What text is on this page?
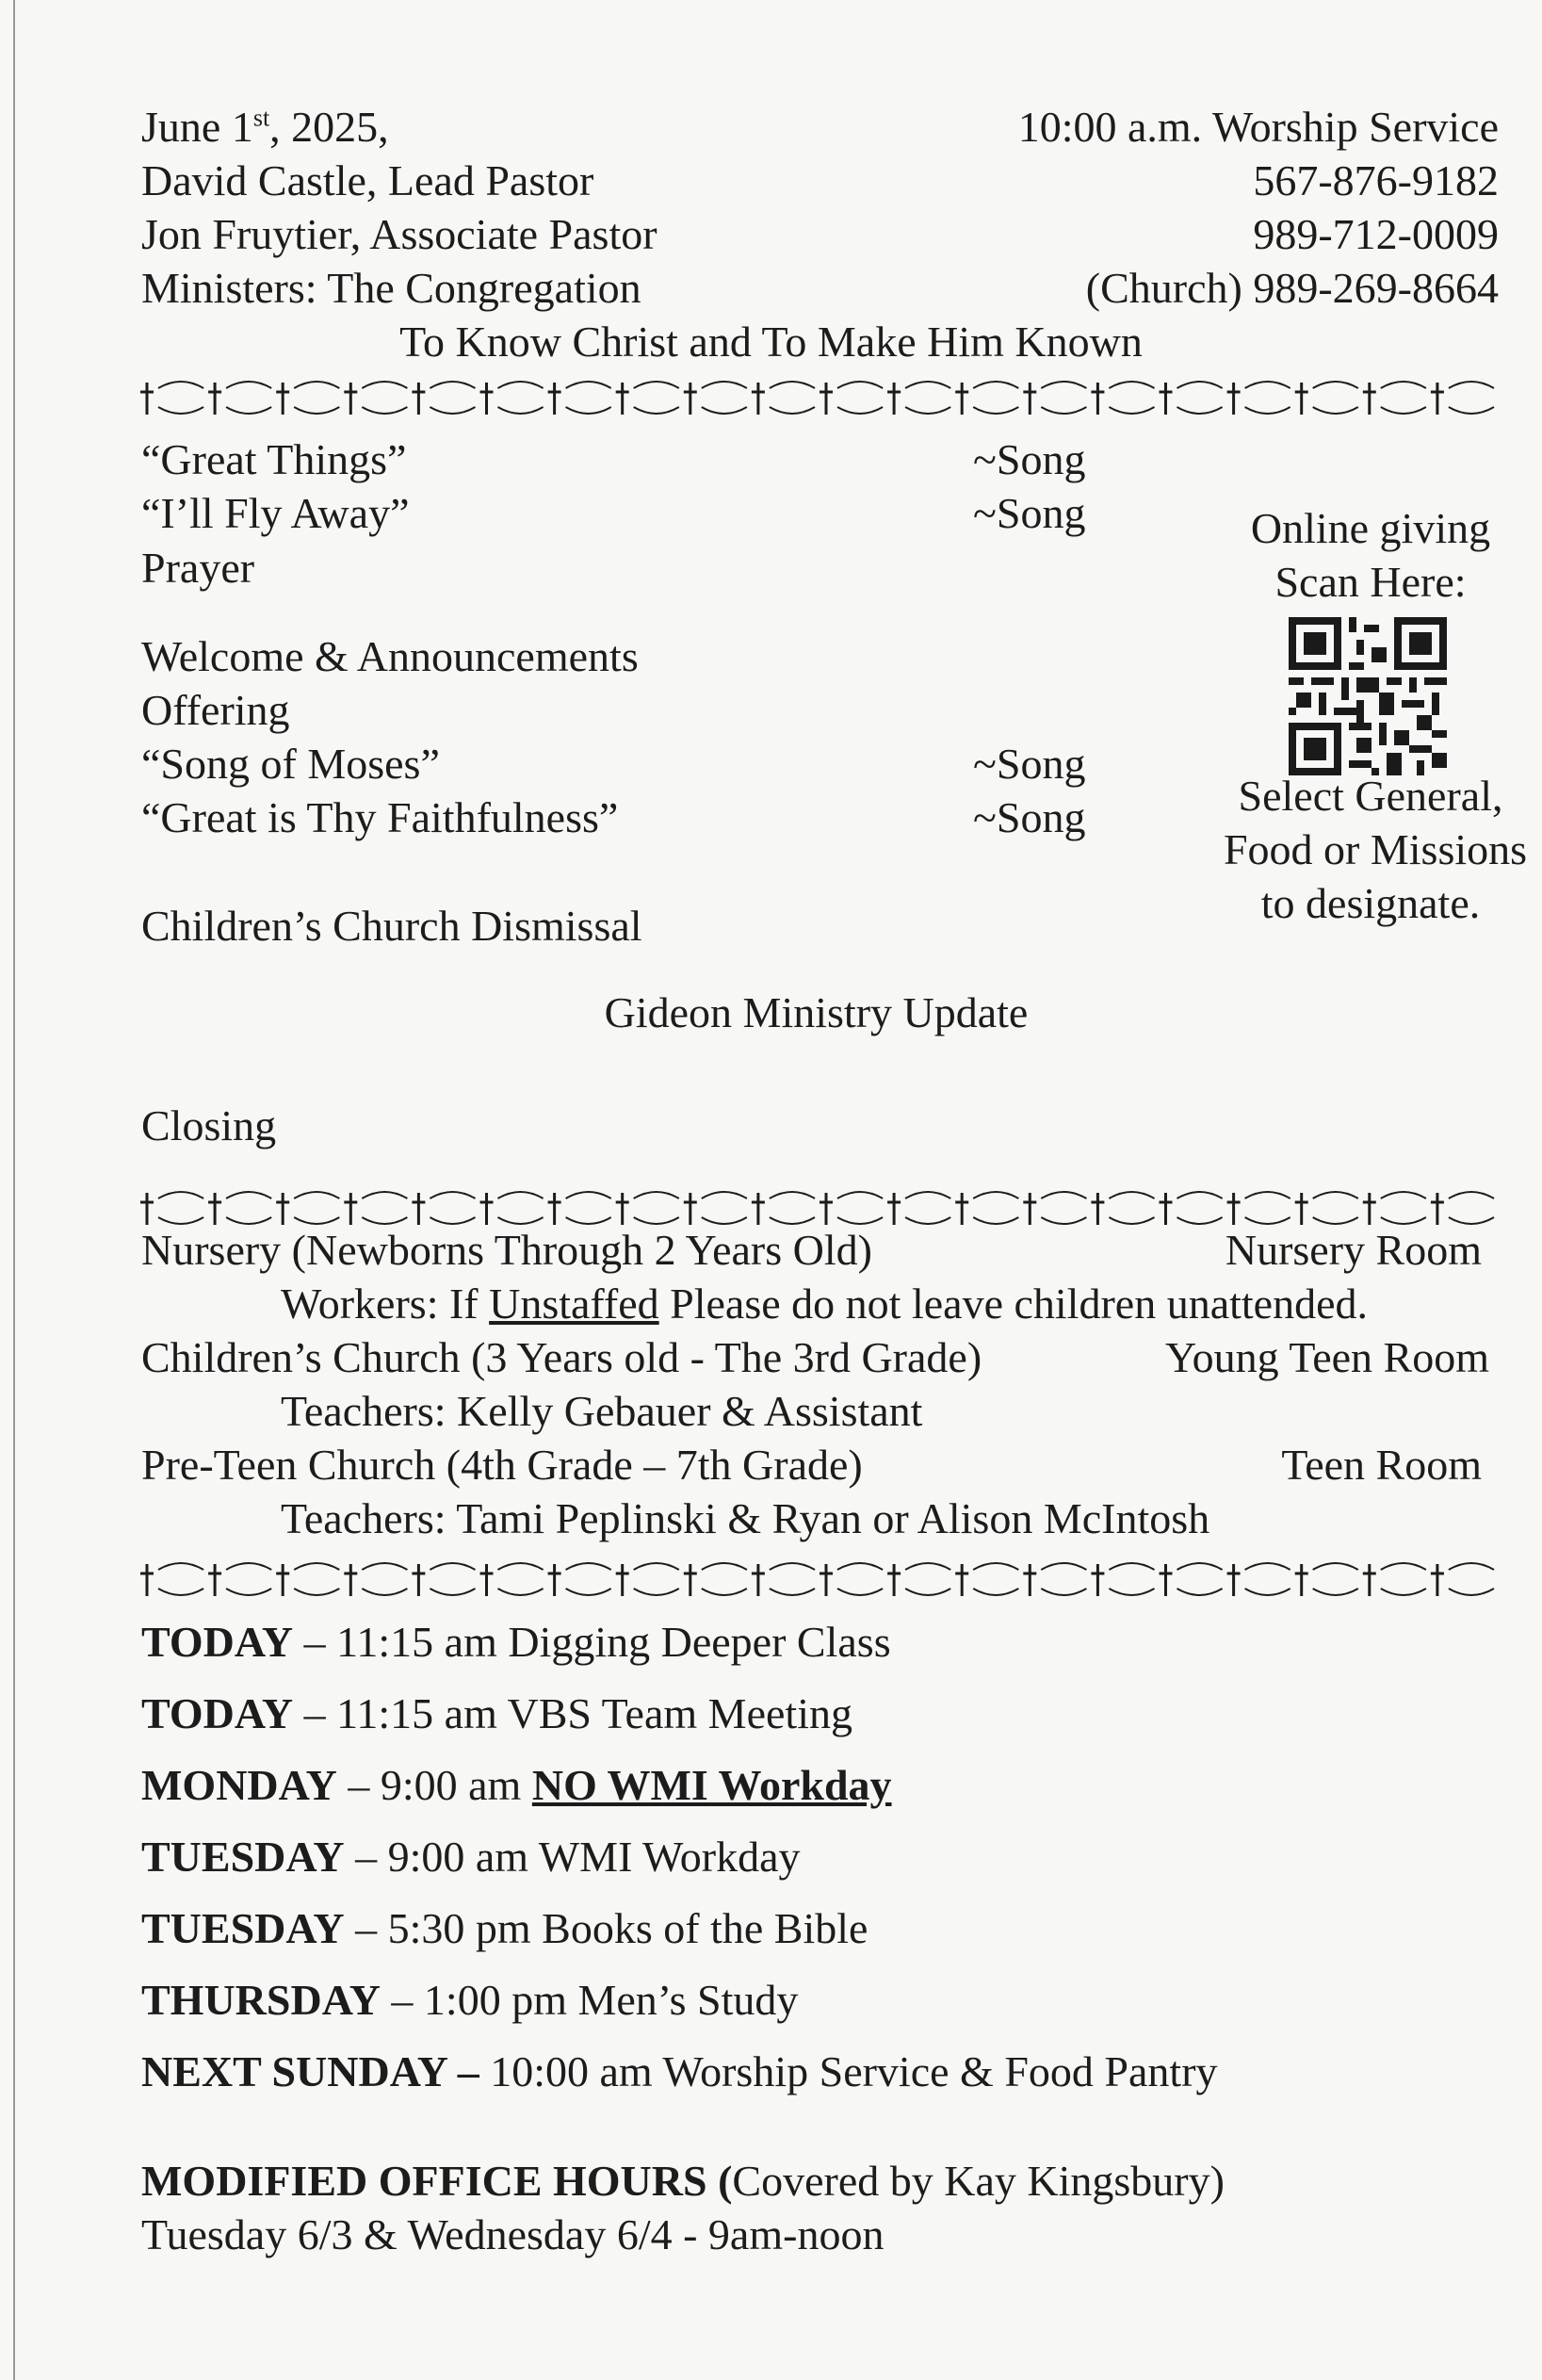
June 1st, 2025,	10:00 a.m. Worship Service
David Castle, Lead Pastor	567-876-9182
Jon Fruytier, Associate Pastor	989-712-0009
Ministers: The Congregation	(Church) 989-269-8664
To Know Christ and To Make Him Known
“Great Things”	~Song
“I’ll Fly Away”	~Song
Prayer
Welcome & Announcements
Offering
“Song of Moses”	~Song
“Great is Thy Faithfulness”	~Song
Children’s Church Dismissal
Online giving
Scan Here:
Select General,
Food or Missions
to designate.
Gideon Ministry Update
Closing
Nursery (Newborns Through 2 Years Old)	Nursery Room
Workers: If Unstaffed Please do not leave children unattended.
Children’s Church (3 Years old - The 3rd Grade)	Young Teen Room
Teachers: Kelly Gebauer & Assistant
Pre-Teen Church (4th Grade – 7th Grade)	Teen Room
Teachers: Tami Peplinski & Ryan or Alison McIntosh
TODAY – 11:15 am Digging Deeper Class
TODAY – 11:15 am VBS Team Meeting
MONDAY – 9:00 am NO WMI Workday
TUESDAY – 9:00 am WMI Workday
TUESDAY – 5:30 pm Books of the Bible
THURSDAY – 1:00 pm Men’s Study
NEXT SUNDAY – 10:00 am Worship Service & Food Pantry
MODIFIED OFFICE HOURS (Covered by Kay Kingsbury)
Tuesday 6/3 & Wednesday 6/4 - 9am-noon
